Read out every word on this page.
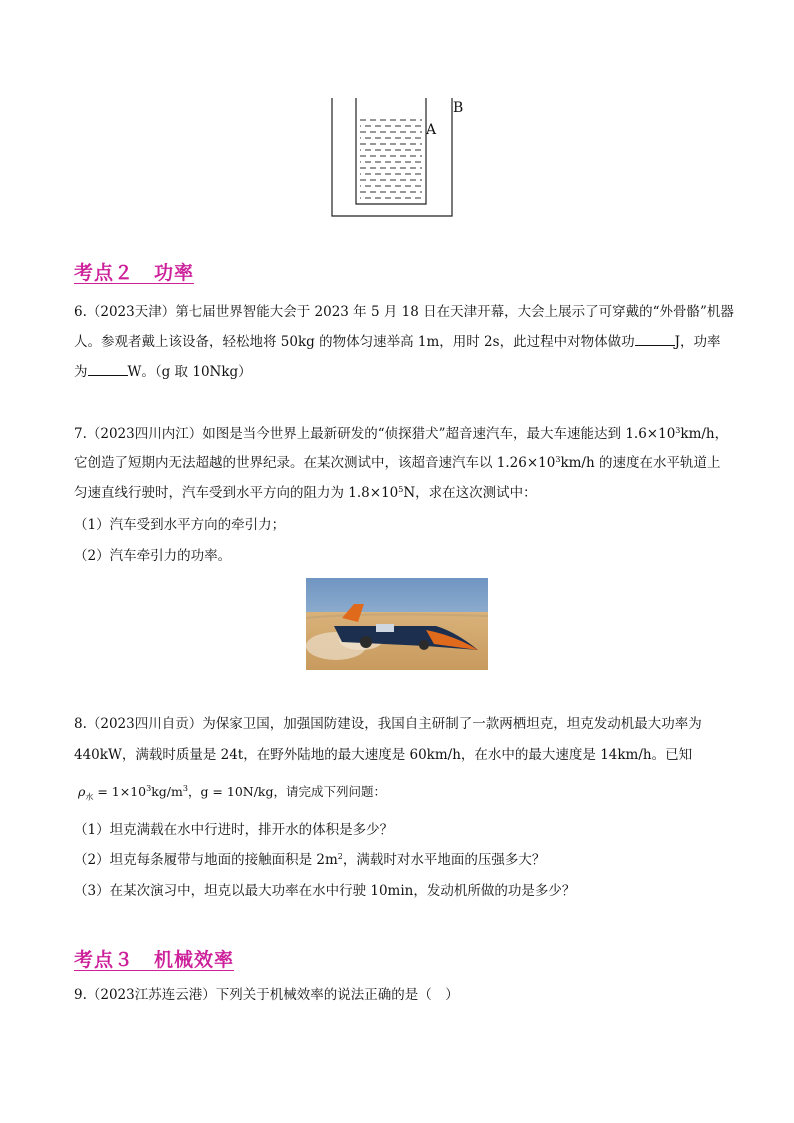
A
B
考点２　功率
6.（2023天津）第七届世界智能大会于 2023 年 5 月 18 日在天津开幕，大会上展示了可穿戴的“外骨骼”机器
人。参观者戴上该设备，轻松地将 50kg 的物体匀速举高 1m，用时 2s，此过程中对物体做功	J，功率
为	W。（g 取 10Nkg）
7.（2023四川内江）如图是当今世界上最新研发的“侦探猎犬”超音速汽车，最大车速能达到 $1.6\times 10^3km/h$，
它创造了短期内无法超越的世界纪录。在某次测试中，该超音速汽车以 $1.26\times 10^3km/h$ 的速度在水平轨道上
匀速直线行驶时，汽车受到水平方向的阻力为 $1.8\times 10^5N$，求在这次测试中：
（1）汽车受到水平方向的牵引力；
（2）汽车牵引力的功率。
8.（2023四川自贡）为保家卫国，加强国防建设，我国自主研制了一款两栖坦克，坦克发动机最大功率为
440kW，满载时质量是 24t，在野外陆地的最大速度是 60km/h，在水中的最大速度是 14km/h。已知
$\rho_水 = 1\times 10^3kg/m^3$，g = 10N/kg，请完成下列问题：
（1）坦克满载在水中行进时，排开水的体积是多少？
（2）坦克每条履带与地面的接触面积是 $2m^2$，满载时对水平地面的压强多大？
（3）在某次演习中，坦克以最大功率在水中行驶 10min，发动机所做的功是多少？
考点３　机械效率
9.（2023江苏连云港）下列关于机械效率的说法正确的是（　）
